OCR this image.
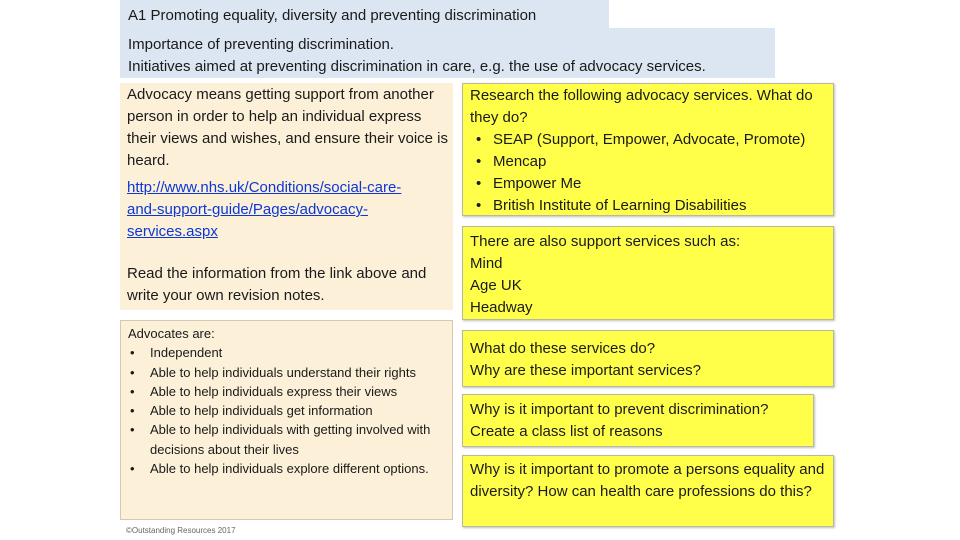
A1 Promoting equality, diversity and preventing discrimination

Importance of preventing discrimination.

Initiatives aimed at preventing discrimination in care, e.g. the use of advocacy services.

Advocacy means getting support from another person in order to help an individual express their views and wishes, and ensure their voice is heard.

http://www.nhs.uk/Conditions/social-care-
and-support-guide/Pages/advocacy-
services.aspx

Read the information from the link above and write your own revision notes.

Advocates are:

• Independent
• Able to help individuals understand their rights
• Able to help individuals express their views
• Able to help individuals get information
• Able to help individuals with getting involved with decisions about their lives
• Able to help individuals explore different options.
©Outstanding Resources 2017

Research the following advocacy services. What do they do?

• SEAP (Support, Empower, Advocate, Promote)
• Mencap
• Empower Me
• British Institute of Learning Disabilities

There are also support services such as:

Mind

Age UK

Headway

What do these services do?

Why are these important services?

Why is it important to prevent discrimination?

Create a class list of reasons

Why is it important to promote a persons equality and diversity? How can health care professions do this?
